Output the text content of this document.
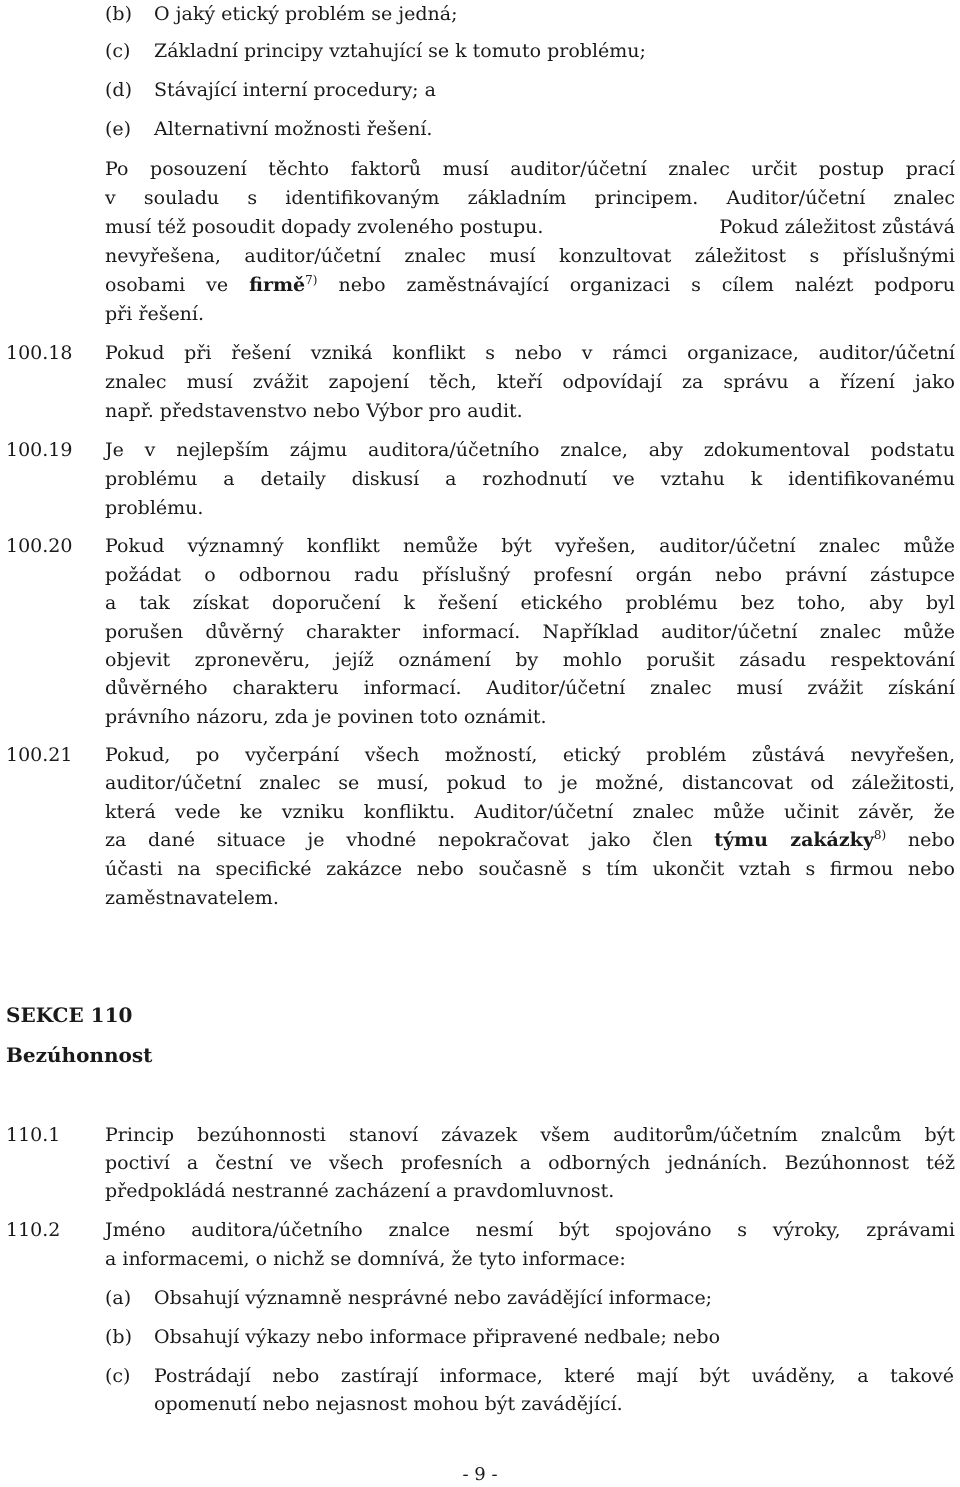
(b) O jaký etický problém se jedná;
(c) Základní principy vztahující se k tomuto problému;
(d) Stávající interní procedury; a
(e) Alternativní možnosti řešení.
Po posouzení těchto faktorů musí auditor/účetní znalec určit postup prací
v souladu s identifikovaným základním principem. Auditor/účetní znalec
musí též posoudit dopady zvoleného postupu.	Pokud záležitost zůstává
nevyřešena, auditor/účetní znalec musí konzultovat záležitost s příslušnými
osobami ve firmě$^{7)}$ nebo zaměstnávající organizaci s cílem nalézt podporu
při řešení.
100.18 Pokud při řešení vzniká konflikt s nebo v rámci organizace, auditor/účetní
znalec musí zvážit zapojení těch, kteří odpovídají za správu a řízení jako
např. představenstvo nebo Výbor pro audit.
100.19 Je v nejlepším zájmu auditora/účetního znalce, aby zdokumentoval podstatu
problému a detaily diskusí a rozhodnutí ve vztahu k identifikovanému
problému.
100.20 Pokud významný konflikt nemůže být vyřešen, auditor/účetní znalec může
požádat o odbornou radu příslušný profesní orgán nebo právní zástupce
a tak získat doporučení k řešení etického problému bez toho, aby byl
porušen důvěrný charakter informací. Například auditor/účetní znalec může
objevit zpronevěru, jejíž oznámení by mohlo porušit zásadu respektování
důvěrného charakteru informací. Auditor/účetní znalec musí zvážit získání
právního názoru, zda je povinen toto oznámit.
100.21 Pokud, po vyčerpání všech možností, etický problém zůstává nevyřešen,
auditor/účetní znalec se musí, pokud to je možné, distancovat od záležitosti,
která vede ke vzniku konfliktu. Auditor/účetní znalec může učinit závěr, že
za dané situace je vhodné nepokračovat jako člen týmu zakázky$^{8)}$ nebo
účasti na specifické zakázce nebo současně s tím ukončit vztah s firmou nebo
zaměstnavatelem.
SEKCE 110
Bezúhonnost
110.1 Princip bezúhonnosti stanoví závazek všem auditorům/účetním znalcům být
poctiví a čestní ve všech profesních a odborných jednáních. Bezúhonnost též
předpokládá nestranné zacházení a pravdomluvnost.
110.2 Jméno auditora/účetního znalce nesmí být spojováno s výroky, zprávami
a informacemi, o nichž se domnívá, že tyto informace:
(a) Obsahují významně nesprávné nebo zavádějící informace;
(b) Obsahují výkazy nebo informace připravené nedbale; nebo
(c) Postrádají nebo zastírají informace, které mají být uváděny, a takové
opomenutí nebo nejasnost mohou být zavádějící.
- 9 -
